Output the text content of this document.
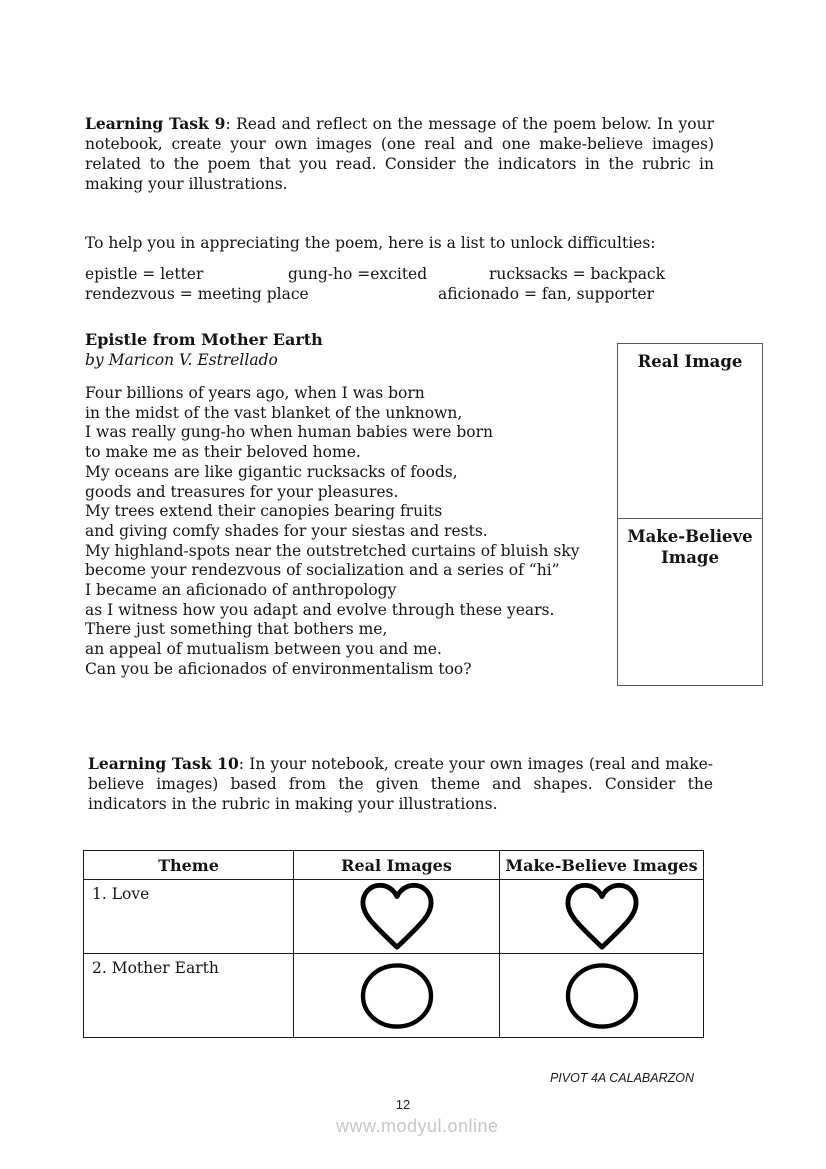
Learning Task 9: Read and reflect on the message of the poem below. In your notebook, create your own images (one real and one make-believe images) related to the poem that you read. Consider the indicators in the rubric in making your illustrations.
To help you in appreciating the poem, here is a list to unlock difficulties:
epistle = letter	gung-ho =excited	rucksacks = backpack
rendezvous = meeting place	aficionado = fan, supporter
Epistle from Mother Earth
by Maricon V. Estrellado
Four billions of years ago, when I was born
in the midst of the vast blanket of the unknown,
I was really gung-ho when human babies were born
to make me as their beloved home.
My oceans are like gigantic rucksacks of foods,
goods and treasures for your pleasures.
My trees extend their canopies bearing fruits
and giving comfy shades for your siestas and rests.
My highland-spots near the outstretched curtains of bluish sky
become your rendezvous of socialization and a series of “hi”
I became an aficionado of anthropology
as I witness how you adapt and evolve through these years.
There just something that bothers me,
an appeal of mutualism between you and me.
Can you be aficionados of environmentalism too?
Real Image
Make-Believe Image
Learning Task 10: In your notebook, create your own images (real and make-believe images) based from the given theme and shapes. Consider the indicators in the rubric in making your illustrations.
Theme	Real Images	Make-Believe Images
1. Love		
2. Mother Earth		
PIVOT 4A CALABARZON
12
www.modyul.online
